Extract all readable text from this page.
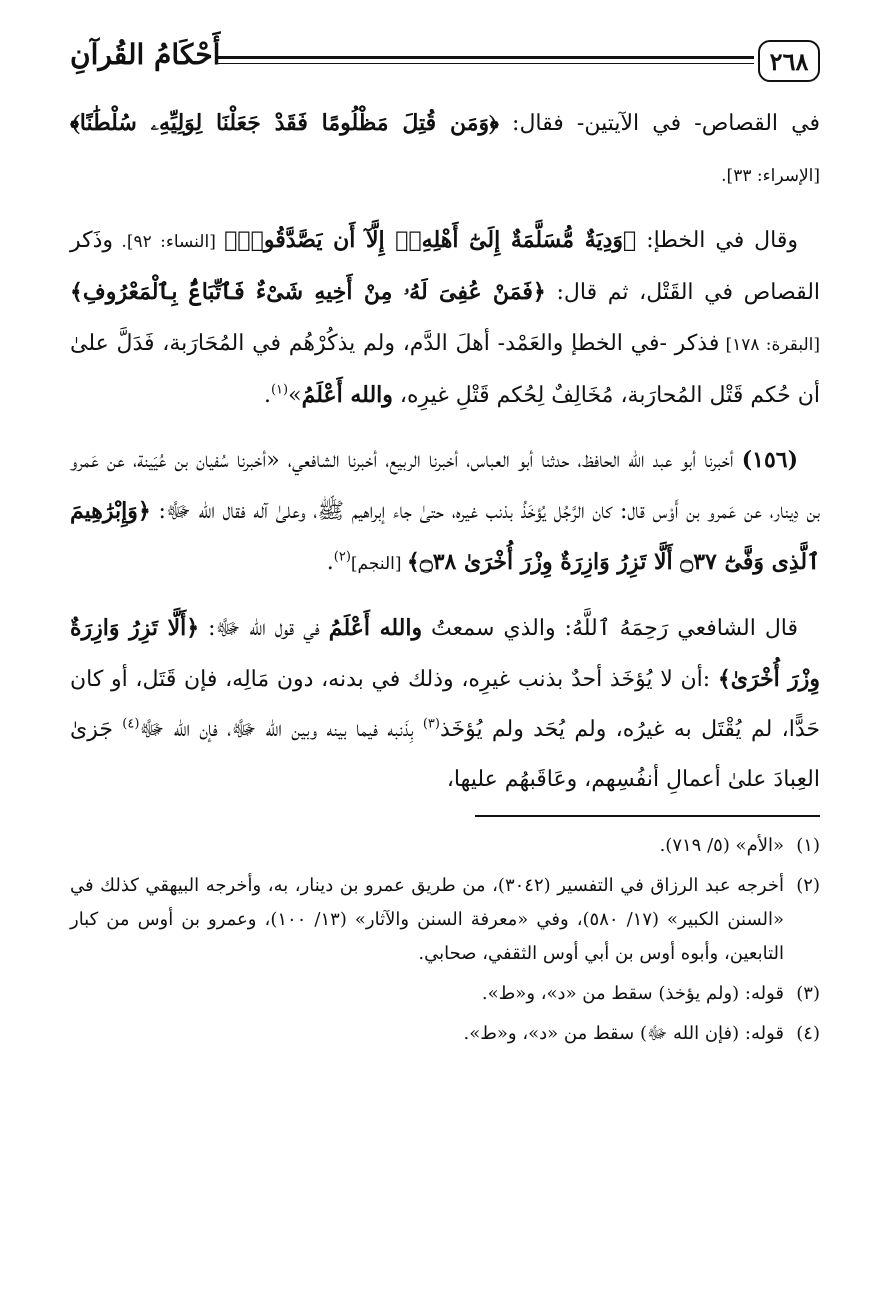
٢٦٨
أَحْكَامُ القُرآنِ

في القصاص- في الآيتين- فقال: ﴿وَمَن قُتِلَ مَظْلُومًا فَقَدْ جَعَلْنَا لِوَلِيِّهِۦ سُلْطَٰنًا﴾ [الإسراء: ٣٣].

وقال في الخطإ: ﴿وَدِيَةٌ مُّسَلَّمَةٌ إِلَىٰٓ أَهْلِهِۦٓ إِلَّآ أَن يَصَّدَّقُوا۟﴾ [النساء: ٩٢]. وذَكر القصاص في القَتْل، ثم قال: ﴿فَمَنْ عُفِىَ لَهُۥ مِنْ أَخِيهِ شَىْءٌ فَٱتِّبَاعٌۢ بِٱلْمَعْرُوفِ﴾ [البقرة: ١٧٨] فذكر -في الخطإ والعَمْد- أهلَ الدَّم، ولم يذكُرْهُم في المُحَارَبة، فَدَلَّ علىٰ أن حُكم قَتْل المُحارَبة، مُخَالِفٌ لِحُكم قَتْلِ غيرِه، والله أَعْلَمُ»$^{(١)}$.

(١٥٦) أخبرنا أبو عبد الله الحافظ، حدثنا أبو العباس، أخبرنا الربيع، أخبرنا الشافعي، «أخبرنا سُفيان بن عُيَينة، عن عَمرو بن دِينار، عن عَمرو بن أَوْس قال: كان الرَّجُل يُؤخَذُ بذنب غيره، حتىٰ جاء إبراهيم ﷺ، وعلىٰ آله فقال الله ﷻ: ﴿وَإِبْرَٰهِيمَ ٱلَّذِى وَفَّىٰٓ ۝٣٧ أَلَّا تَزِرُ وَازِرَةٌ وِزْرَ أُخْرَىٰ ۝٣٨﴾ [النجم]$^{(٢)}$.

قال الشافعي رَحِمَهُ ٱللَّهُ: والذي سمعتُ والله أَعْلَمُ في قول الله ﷻ: ﴿أَلَّا تَزِرُ وَازِرَةٌ وِزْرَ أُخْرَىٰ﴾ :أن لا يُؤخَذ أحدٌ بذنب غيرِه، وذلك في بدنه، دون مَالِه، فإن قَتَل، أو كان حَدًّا، لم يُقْتَل به غيرُه، ولم يُحَد ولم يُؤخَذ$^{(٣)}$ بِذَنبه فيما بينه وبين الله ﷻ، فإن الله ﷻ$^{(٤)}$ جَزىٰ العِبادَ علىٰ أعمالِ أنفُسِهم، وعَاقَبهُم عليها،

(١)
«الأم» (٥/ ٧١٩).

(٢)
أخرجه عبد الرزاق في التفسير (٣٠٤٢)، من طريق عمرو بن دينار، به، وأخرجه البيهقي كذلك في «السنن الكبير» (١٧/ ٥٨٠)، وفي «معرفة السنن والآثار» (١٣/ ١٠٠)، وعمرو بن أوس من كبار التابعين، وأبوه أوس بن أبي أوس الثقفي، صحابي.

(٣)
قوله: (ولم يؤخذ) سقط من «د»، و«ط».

(٤)
قوله: (فإن الله ﷻ) سقط من «د»، و«ط».
